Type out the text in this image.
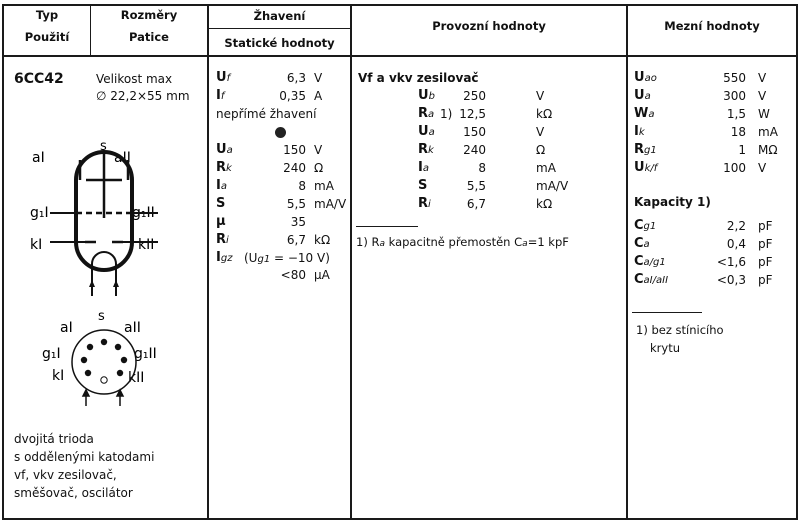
Typ
Použití
Rozměry
Patice
Žhavení
Statické hodnoty
Provozní hodnoty	Mezní hodnoty
6CC42
dvojitá trioda
s oddělenými katodami
vf, vkv zesilovač,
směšovač, oscilátor
Velikost max
∅ 22,2×55 mm
s
aI	aII
g₁I	g₁II
kI	kII
s
aI	aII
g₁I	g₁II
kI	kII
Uf	6,3 V
If	0,35 A
nepřímé žhavení
Ua	150 V
Rk	240 Ω
Ia	8 mA
S	5,5 mA/V
μ	35
Ri	6,7 kΩ
Igz (Ug1 = −10 V)
<80 μA
Vf a vkv zesilovač
Ub	250	V
Ra 1) 12,5	kΩ
Ua	150	V
Rk	240	Ω
Ia	8	mA
S	5,5	mA/V
Ri	6,7	kΩ
1) Ra kapacitně přemostěn Ca=1 kpF
Uao	550 V
Ua	300 V
Wa	1,5 W
Ik	18 mA
Rg1	1 MΩ
Uk/f	100 V
Kapacity 1)
Cg1	2,2 pF
Ca	0,4 pF
Ca/g1	<1,6 pF
CaI/aII	<0,3 pF
1) bez stínicího
krytu
